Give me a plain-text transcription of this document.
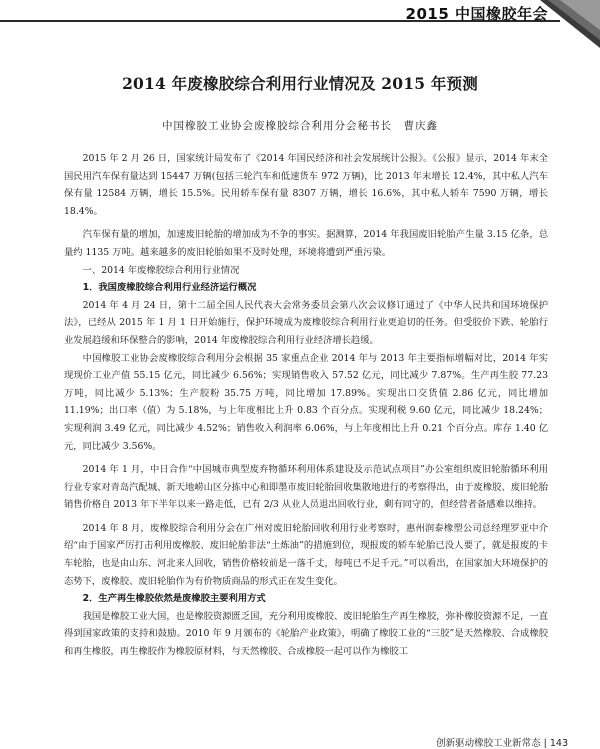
2015 中国橡胶年会
2014 年废橡胶综合利用行业情况及 2015 年预测
中国橡胶工业协会废橡胶综合利用分会秘书长　曹庆鑫

2015 年 2 月 26 日，国家统计局发布了《2014 年国民经济和社会发展统计公报》。《公报》显示，2014 年末全国民用汽车保有量达到 15447 万辆(包括三轮汽车和低速货车 972 万辆)，比 2013 年末增长 12.4%，其中私人汽车保有量 12584 万辆，增长 15.5%。民用轿车保有量 8307 万辆，增长 16.6%，其中私人轿车 7590 万辆，增长 18.4%。

汽车保有量的增加，加速废旧轮胎的增加成为不争的事实。据测算，2014 年我国废旧轮胎产生量 3.15 亿条，总量约 1135 万吨。越来越多的废旧轮胎如果不及时处理，环境将遭到严重污染。

一、2014 年废橡胶综合利用行业情况
1．我国废橡胶综合利用行业经济运行概况

2014 年 4 月 24 日，第十二届全国人民代表大会常务委员会第八次会议修订通过了《中华人民共和国环境保护法》，已经从 2015 年 1 月 1 日开始施行，保护环境成为废橡胶综合利用行业更迫切的任务。但受胶价下跌、轮胎行业发展趋缓和环保整合的影响，2014 年废橡胶综合利用行业经济增长趋缓。

中国橡胶工业协会废橡胶综合利用分会根据 35 家重点企业 2014 年与 2013 年主要指标增幅对比，2014 年实现现价工业产值 55.15 亿元，同比减少 6.56%；实现销售收入 57.52 亿元，同比减少 7.87%。生产再生胶 77.23 万吨，同比减少 5.13%；生产胶粉 35.75 万吨，同比增加 17.89%。实现出口交货值 2.86 亿元，同比增加 11.19%；出口率（值）为 5.18%，与上年度相比上升 0.83 个百分点。实现利税 9.60 亿元，同比减少 18.24%；实现利润 3.49 亿元，同比减少 4.52%；销售收入利润率 6.06%，与上年度相比上升 0.21 个百分点。库存 1.40 亿元，同比减少 3.56%。

2014 年 1 月，中日合作“中国城市典型废弃物循环利用体系建设及示范试点项目”办公室组织废旧轮胎循环利用行业专家对青岛汽配城、新天地崂山区分拣中心和即墨市废旧轮胎回收集散地进行的考察得出，由于废橡胶、废旧轮胎销售价格自 2013 年下半年以来一路走低，已有 2/3 从业人员退出回收行业，剩有同守的，但经营者备感难以维持。

2014 年 8 月，废橡胶综合利用分会在广州对废旧轮胎回收利用行业考察时，惠州润泰橡塑公司总经理罗亚中介绍“由于国家严厉打击利用废橡胶、废旧轮胎非法“土炼油”的措施到位，现报废的轿车轮胎已没人要了，就是报废的卡车轮胎，也是由山东、河北来人回收，销售价格较前是一落千丈，每吨已不足千元。”可以看出，在国家加大环境保护的态势下，废橡胶、废旧轮胎作为有价物质商品的形式正在发生变化。

2．生产再生橡胶依然是废橡胶主要利用方式

我国是橡胶工业大国，也是橡胶资源匮乏国，充分利用废橡胶、废旧轮胎生产再生橡胶，弥补橡胶资源不足，一直得到国家政策的支持和鼓励。2010 年 9 月颁布的《轮胎产业政策》，明确了橡胶工业的“三胶”是天然橡胶、合成橡胶和再生橡胶，再生橡胶作为橡胶原材料，与天然橡胶、合成橡胶一起可以作为橡胶工

创新驱动橡胶工业新常态 | 143
